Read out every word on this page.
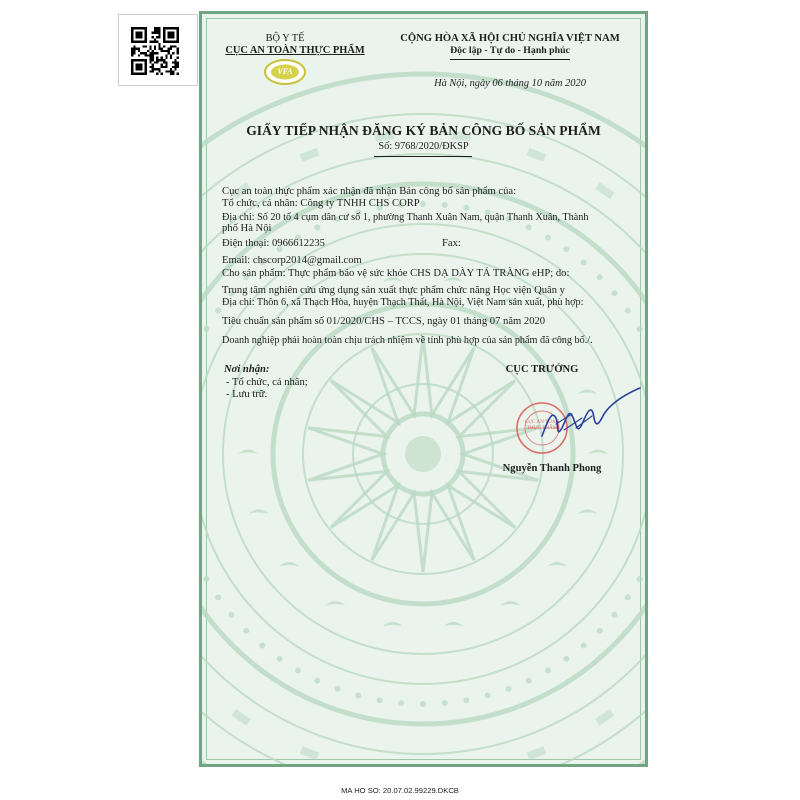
BỘ Y TẾ
CỤC AN TOÀN THỰC PHẨM
VFA
CỘNG HÒA XÃ HỘI CHỦ NGHĨA VIỆT NAM
Độc lập - Tự do - Hạnh phúc
Hà Nội, ngày 06 tháng 10 năm 2020
GIẤY TIẾP NHẬN ĐĂNG KÝ BẢN CÔNG BỐ SẢN PHẨM
Số: 9768/2020/ĐKSP
Cục an toàn thực phẩm xác nhận đã nhận Bản công bố sản phẩm của:
Tổ chức, cá nhân: Công ty TNHH CHS CORP
Địa chỉ: Số 20 tổ 4 cụm dân cư số 1, phường Thanh Xuân Nam, quận Thanh Xuân, Thành
phố Hà Nội
Điện thoại: 0966612235	Fax:
Email: chscorp2014@gmail.com
Cho sản phẩm: Thực phẩm bảo vệ sức khỏe CHS DẠ DÀY TÁ TRÀNG eHP; do:
Trung tâm nghiên cứu ứng dụng sản xuất thực phẩm chức năng Học viện Quân y
Địa chỉ: Thôn 6, xã Thạch Hòa, huyện Thạch Thất, Hà Nội, Việt Nam sản xuất, phù hợp:
Tiêu chuẩn sản phẩm số 01/2020/CHS – TCCS, ngày 01 tháng 07 năm 2020
Doanh nghiệp phải hoàn toàn chịu trách nhiệm về tính phù hợp của sản phẩm đã công bố./.
Nơi nhận:
- Tổ chức, cá nhân;
- Lưu trữ.
CỤC TRƯỞNG
CỤC AN TOÀN THỰC PHẨM
Nguyễn Thanh Phong
MA HO SO: 20.07.02.99229.DKCB
